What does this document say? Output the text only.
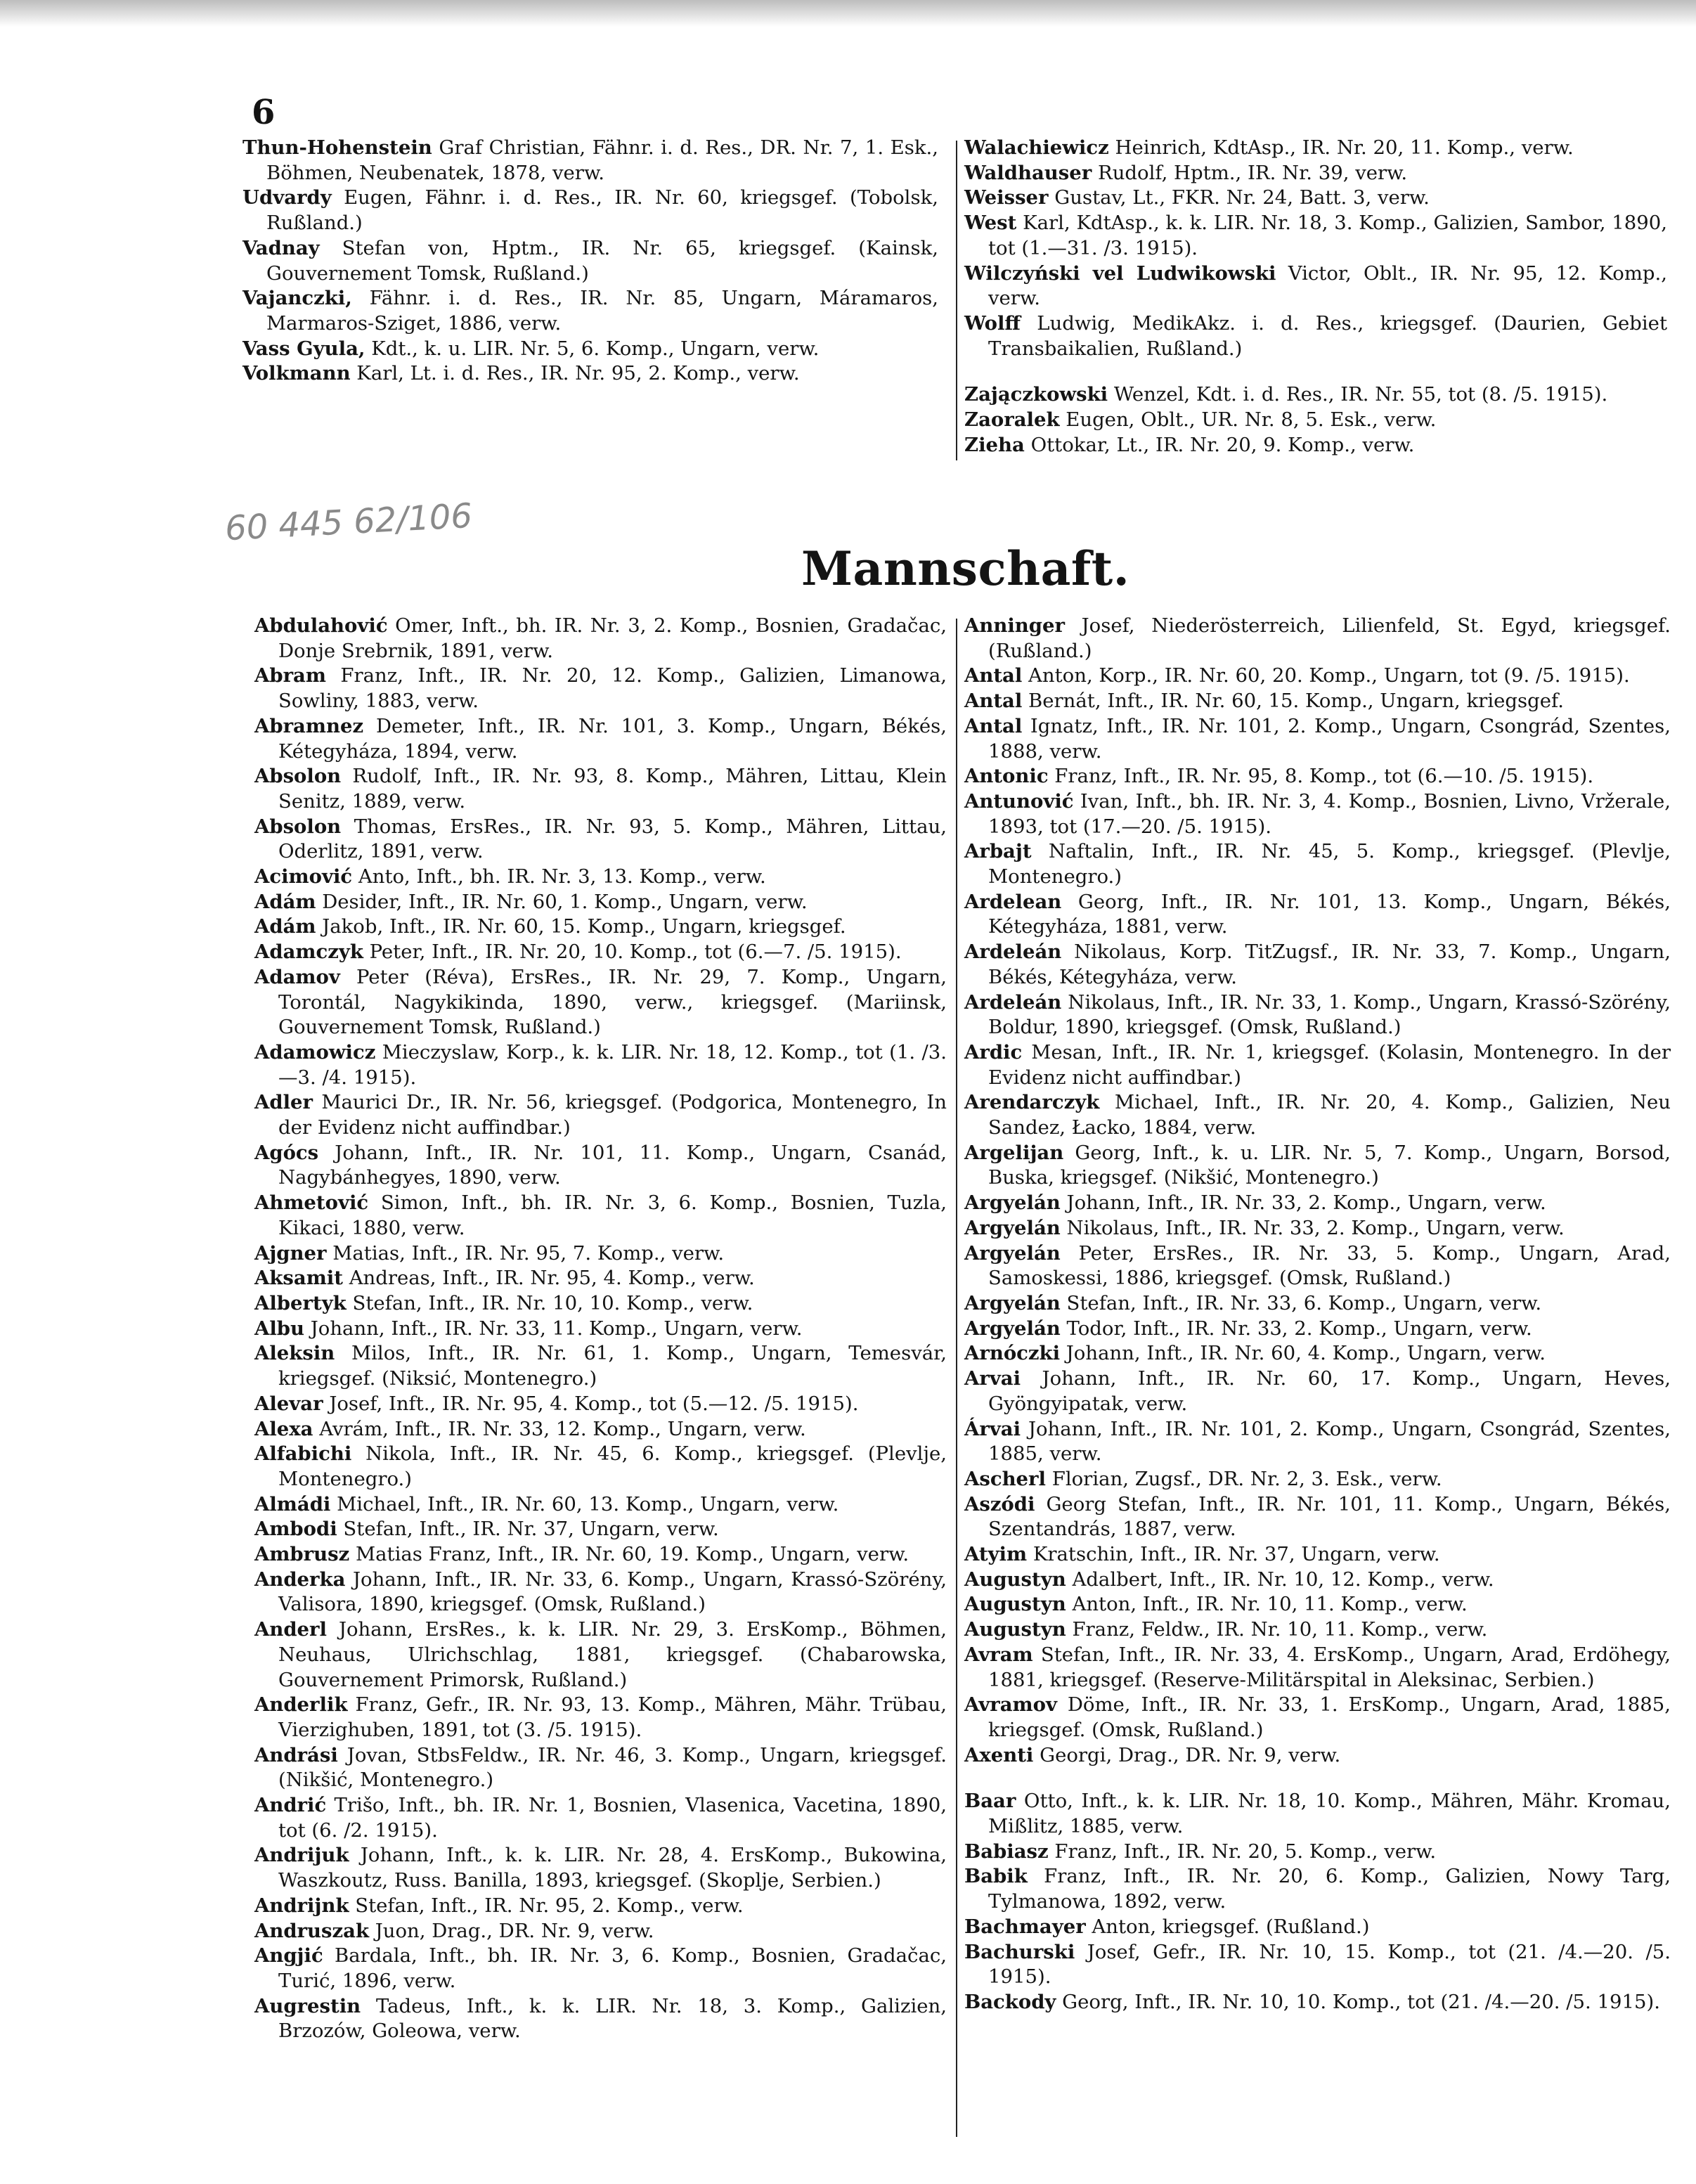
6

Thun-Hohenstein Graf Christian, Fähnr. i. d. Res., DR. Nr. 7, 1. Esk., Böhmen, Neubenatek, 1878, verw.

Udvardy Eugen, Fähnr. i. d. Res., IR. Nr. 60, kriegsgef. (Tobolsk, Rußland.)

Vadnay Stefan von, Hptm., IR. Nr. 65, kriegsgef. (Kainsk, Gouvernement Tomsk, Rußland.)

Vajanczki, Fähnr. i. d. Res., IR. Nr. 85, Ungarn, Máramaros, Marmaros-Sziget, 1886, verw.

Vass Gyula, Kdt., k. u. LIR. Nr. 5, 6. Komp., Ungarn, verw.

Volkmann Karl, Lt. i. d. Res., IR. Nr. 95, 2. Komp., verw.

Walachiewicz Heinrich, KdtAsp., IR. Nr. 20, 11. Komp., verw.

Waldhauser Rudolf, Hptm., IR. Nr. 39, verw.

Weisser Gustav, Lt., FKR. Nr. 24, Batt. 3, verw.

West Karl, KdtAsp., k. k. LIR. Nr. 18, 3. Komp., Galizien, Sambor, 1890, tot (1.—31. /3. 1915).

Wilczyński vel Ludwikowski Victor, Oblt., IR. Nr. 95, 12. Komp., verw.

Wolff Ludwig, MedikAkz. i. d. Res., kriegsgef. (Daurien, Gebiet Transbaikalien, Rußland.)

Zajączkowski Wenzel, Kdt. i. d. Res., IR. Nr. 55, tot (8. /5. 1915).

Zaoralek Eugen, Oblt., UR. Nr. 8, 5. Esk., verw.

Zieha Ottokar, Lt., IR. Nr. 20, 9. Komp., verw.

60 445 62/106
Mannschaft.

Abdulahović Omer, Inft., bh. IR. Nr. 3, 2. Komp., Bosnien, Gradačac, Donje Srebrnik, 1891, verw.

Abram Franz, Inft., IR. Nr. 20, 12. Komp., Galizien, Limanowa, Sowliny, 1883, verw.

Abramnez Demeter, Inft., IR. Nr. 101, 3. Komp., Ungarn, Békés, Kétegyháza, 1894, verw.

Absolon Rudolf, Inft., IR. Nr. 93, 8. Komp., Mähren, Littau, Klein Senitz, 1889, verw.

Absolon Thomas, ErsRes., IR. Nr. 93, 5. Komp., Mähren, Littau, Oderlitz, 1891, verw.

Acimović Anto, Inft., bh. IR. Nr. 3, 13. Komp., verw.

Adám Desider, Inft., IR. Nr. 60, 1. Komp., Ungarn, verw.

Adám Jakob, Inft., IR. Nr. 60, 15. Komp., Ungarn, kriegsgef.

Adamczyk Peter, Inft., IR. Nr. 20, 10. Komp., tot (6.—7. /5. 1915).

Adamov Peter (Réva), ErsRes., IR. Nr. 29, 7. Komp., Ungarn, Torontál, Nagykikinda, 1890, verw., kriegsgef. (Mariinsk, Gouvernement Tomsk, Rußland.)

Adamowicz Mieczyslaw, Korp., k. k. LIR. Nr. 18, 12. Komp., tot (1. /3.—3. /4. 1915).

Adler Maurici Dr., IR. Nr. 56, kriegsgef. (Podgorica, Montenegro, In der Evidenz nicht auffindbar.)

Agócs Johann, Inft., IR. Nr. 101, 11. Komp., Ungarn, Csanád, Nagybánhegyes, 1890, verw.

Ahmetović Simon, Inft., bh. IR. Nr. 3, 6. Komp., Bosnien, Tuzla, Kikaci, 1880, verw.

Ajgner Matias, Inft., IR. Nr. 95, 7. Komp., verw.

Aksamit Andreas, Inft., IR. Nr. 95, 4. Komp., verw.

Albertyk Stefan, Inft., IR. Nr. 10, 10. Komp., verw.

Albu Johann, Inft., IR. Nr. 33, 11. Komp., Ungarn, verw.

Aleksin Milos, Inft., IR. Nr. 61, 1. Komp., Ungarn, Temesvár, kriegsgef. (Niksić, Montenegro.)

Alevar Josef, Inft., IR. Nr. 95, 4. Komp., tot (5.—12. /5. 1915).

Alexa Avrám, Inft., IR. Nr. 33, 12. Komp., Ungarn, verw.

Alfabichi Nikola, Inft., IR. Nr. 45, 6. Komp., kriegsgef. (Plevlje, Montenegro.)

Almádi Michael, Inft., IR. Nr. 60, 13. Komp., Ungarn, verw.

Ambodi Stefan, Inft., IR. Nr. 37, Ungarn, verw.

Ambrusz Matias Franz, Inft., IR. Nr. 60, 19. Komp., Ungarn, verw.

Anderka Johann, Inft., IR. Nr. 33, 6. Komp., Ungarn, Krassó-Szörény, Valisora, 1890, kriegsgef. (Omsk, Rußland.)

Anderl Johann, ErsRes., k. k. LIR. Nr. 29, 3. ErsKomp., Böhmen, Neuhaus, Ulrichschlag, 1881, kriegsgef. (Chabarowska, Gouvernement Primorsk, Rußland.)

Anderlik Franz, Gefr., IR. Nr. 93, 13. Komp., Mähren, Mähr. Trübau, Vierzighuben, 1891, tot (3. /5. 1915).

Andrási Jovan, StbsFeldw., IR. Nr. 46, 3. Komp., Ungarn, kriegsgef. (Nikšić, Montenegro.)

Andrić Trišo, Inft., bh. IR. Nr. 1, Bosnien, Vlasenica, Vacetina, 1890, tot (6. /2. 1915).

Andrijuk Johann, Inft., k. k. LIR. Nr. 28, 4. ErsKomp., Bukowina, Waszkoutz, Russ. Banilla, 1893, kriegsgef. (Skoplje, Serbien.)

Andrijnk Stefan, Inft., IR. Nr. 95, 2. Komp., verw.

Andruszak Juon, Drag., DR. Nr. 9, verw.

Angjić Bardala, Inft., bh. IR. Nr. 3, 6. Komp., Bosnien, Gradačac, Turić, 1896, verw.

Augrestin Tadeus, Inft., k. k. LIR. Nr. 18, 3. Komp., Galizien, Brzozów, Goleowa, verw.

Anninger Josef, Niederösterreich, Lilienfeld, St. Egyd, kriegsgef. (Rußland.)

Antal Anton, Korp., IR. Nr. 60, 20. Komp., Ungarn, tot (9. /5. 1915).

Antal Bernát, Inft., IR. Nr. 60, 15. Komp., Ungarn, kriegsgef.

Antal Ignatz, Inft., IR. Nr. 101, 2. Komp., Ungarn, Csongrád, Szentes, 1888, verw.

Antonic Franz, Inft., IR. Nr. 95, 8. Komp., tot (6.—10. /5. 1915).

Antunović Ivan, Inft., bh. IR. Nr. 3, 4. Komp., Bosnien, Livno, Vržerale, 1893, tot (17.—20. /5. 1915).

Arbajt Naftalin, Inft., IR. Nr. 45, 5. Komp., kriegsgef. (Plevlje, Montenegro.)

Ardelean Georg, Inft., IR. Nr. 101, 13. Komp., Ungarn, Békés, Kétegyháza, 1881, verw.

Ardeleán Nikolaus, Korp. TitZugsf., IR. Nr. 33, 7. Komp., Ungarn, Békés, Kétegyháza, verw.

Ardeleán Nikolaus, Inft., IR. Nr. 33, 1. Komp., Ungarn, Krassó-Szörény, Boldur, 1890, kriegsgef. (Omsk, Rußland.)

Ardic Mesan, Inft., IR. Nr. 1, kriegsgef. (Kolasin, Montenegro. In der Evidenz nicht auffindbar.)

Arendarczyk Michael, Inft., IR. Nr. 20, 4. Komp., Galizien, Neu Sandez, Łacko, 1884, verw.

Argelijan Georg, Inft., k. u. LIR. Nr. 5, 7. Komp., Ungarn, Borsod, Buska, kriegsgef. (Nikšić, Montenegro.)

Argyelán Johann, Inft., IR. Nr. 33, 2. Komp., Ungarn, verw.

Argyelán Nikolaus, Inft., IR. Nr. 33, 2. Komp., Ungarn, verw.

Argyelán Peter, ErsRes., IR. Nr. 33, 5. Komp., Ungarn, Arad, Samoskessi, 1886, kriegsgef. (Omsk, Rußland.)

Argyelán Stefan, Inft., IR. Nr. 33, 6. Komp., Ungarn, verw.

Argyelán Todor, Inft., IR. Nr. 33, 2. Komp., Ungarn, verw.

Arnóczki Johann, Inft., IR. Nr. 60, 4. Komp., Ungarn, verw.

Arvai Johann, Inft., IR. Nr. 60, 17. Komp., Ungarn, Heves, Gyöngyipatak, verw.

Árvai Johann, Inft., IR. Nr. 101, 2. Komp., Ungarn, Csongrád, Szentes, 1885, verw.

Ascherl Florian, Zugsf., DR. Nr. 2, 3. Esk., verw.

Aszódi Georg Stefan, Inft., IR. Nr. 101, 11. Komp., Ungarn, Békés, Szentandrás, 1887, verw.

Atyim Kratschin, Inft., IR. Nr. 37, Ungarn, verw.

Augustyn Adalbert, Inft., IR. Nr. 10, 12. Komp., verw.

Augustyn Anton, Inft., IR. Nr. 10, 11. Komp., verw.

Augustyn Franz, Feldw., IR. Nr. 10, 11. Komp., verw.

Avram Stefan, Inft., IR. Nr. 33, 4. ErsKomp., Ungarn, Arad, Erdöhegy, 1881, kriegsgef. (Reserve-Militärspital in Aleksinac, Serbien.)

Avramov Döme, Inft., IR. Nr. 33, 1. ErsKomp., Ungarn, Arad, 1885, kriegsgef. (Omsk, Rußland.)

Axenti Georgi, Drag., DR. Nr. 9, verw.

Baar Otto, Inft., k. k. LIR. Nr. 18, 10. Komp., Mähren, Mähr. Kromau, Mißlitz, 1885, verw.

Babiasz Franz, Inft., IR. Nr. 20, 5. Komp., verw.

Babik Franz, Inft., IR. Nr. 20, 6. Komp., Galizien, Nowy Targ, Tylmanowa, 1892, verw.

Bachmayer Anton, kriegsgef. (Rußland.)

Bachurski Josef, Gefr., IR. Nr. 10, 15. Komp., tot (21. /4.—20. /5. 1915).

Backody Georg, Inft., IR. Nr. 10, 10. Komp., tot (21. /4.—20. /5. 1915).
